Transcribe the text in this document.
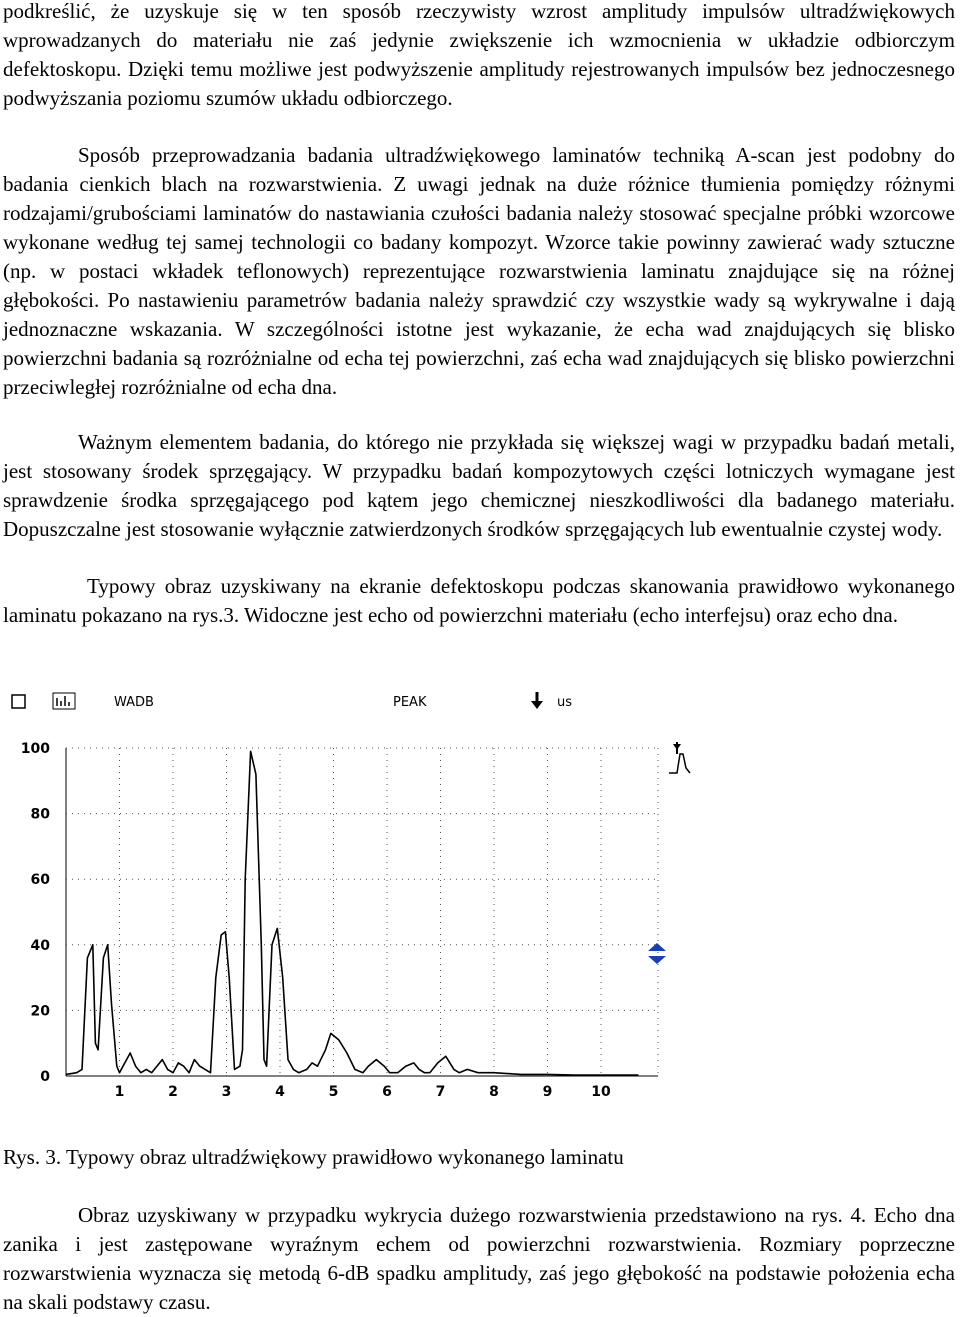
podkreślić, że uzyskuje się w ten sposób rzeczywisty wzrost amplitudy impulsów ultradźwiękowych wprowadzanych do materiału nie zaś jedynie zwiększenie ich wzmocnienia w układzie odbiorczym defektoskopu. Dzięki temu możliwe jest podwyższenie amplitudy rejestrowanych impulsów bez jednoczesnego podwyższania poziomu szumów układu odbiorczego.

Sposób przeprowadzania badania ultradźwiękowego laminatów techniką A-scan jest podobny do badania cienkich blach na rozwarstwienia. Z uwagi jednak na duże różnice tłumienia pomiędzy różnymi rodzajami/grubościami laminatów do nastawiania czułości badania należy stosować specjalne próbki wzorcowe wykonane według tej samej technologii co badany kompozyt. Wzorce takie powinny zawierać wady sztuczne (np. w postaci wkładek teflonowych) reprezentujące rozwarstwienia laminatu znajdujące się na różnej głębokości. Po nastawieniu parametrów badania należy sprawdzić czy wszystkie wady są wykrywalne i dają jednoznaczne wskazania. W szczególności istotne jest wykazanie, że echa wad znajdujących się blisko powierzchni badania są rozróżnialne od echa tej powierzchni, zaś echa wad znajdujących się blisko powierzchni przeciwległej rozróżnialne od echa dna.

Ważnym elementem badania, do którego nie przykłada się większej wagi w przypadku badań metali, jest stosowany środek sprzęgający. W przypadku badań kompozytowych części lotniczych wymagane jest sprawdzenie środka sprzęgającego pod kątem jego chemicznej nieszkodliwości dla badanego materiału. Dopuszczalne jest stosowanie wyłącznie zatwierdzonych środków sprzęgających lub ewentualnie czystej wody.

Typowy obraz uzyskiwany na ekranie defektoskopu podczas skanowania prawidłowo wykonanego laminatu pokazano na rys.3. Widoczne jest echo od powierzchni materiału (echo interfejsu) oraz echo dna.

WADB	PEAK	us
1	2	3	4	5	6	7	8	9	10
0
20
40
60
80
100
Rys. 3. Typowy obraz ultradźwiękowy prawidłowo wykonanego laminatu

Obraz uzyskiwany w przypadku wykrycia dużego rozwarstwienia przedstawiono na rys. 4. Echo dna zanika i jest zastępowane wyraźnym echem od powierzchni rozwarstwienia. Rozmiary poprzeczne rozwarstwienia wyznacza się metodą 6-dB spadku amplitudy, zaś jego głębokość na podstawie położenia echa na skali podstawy czasu.
